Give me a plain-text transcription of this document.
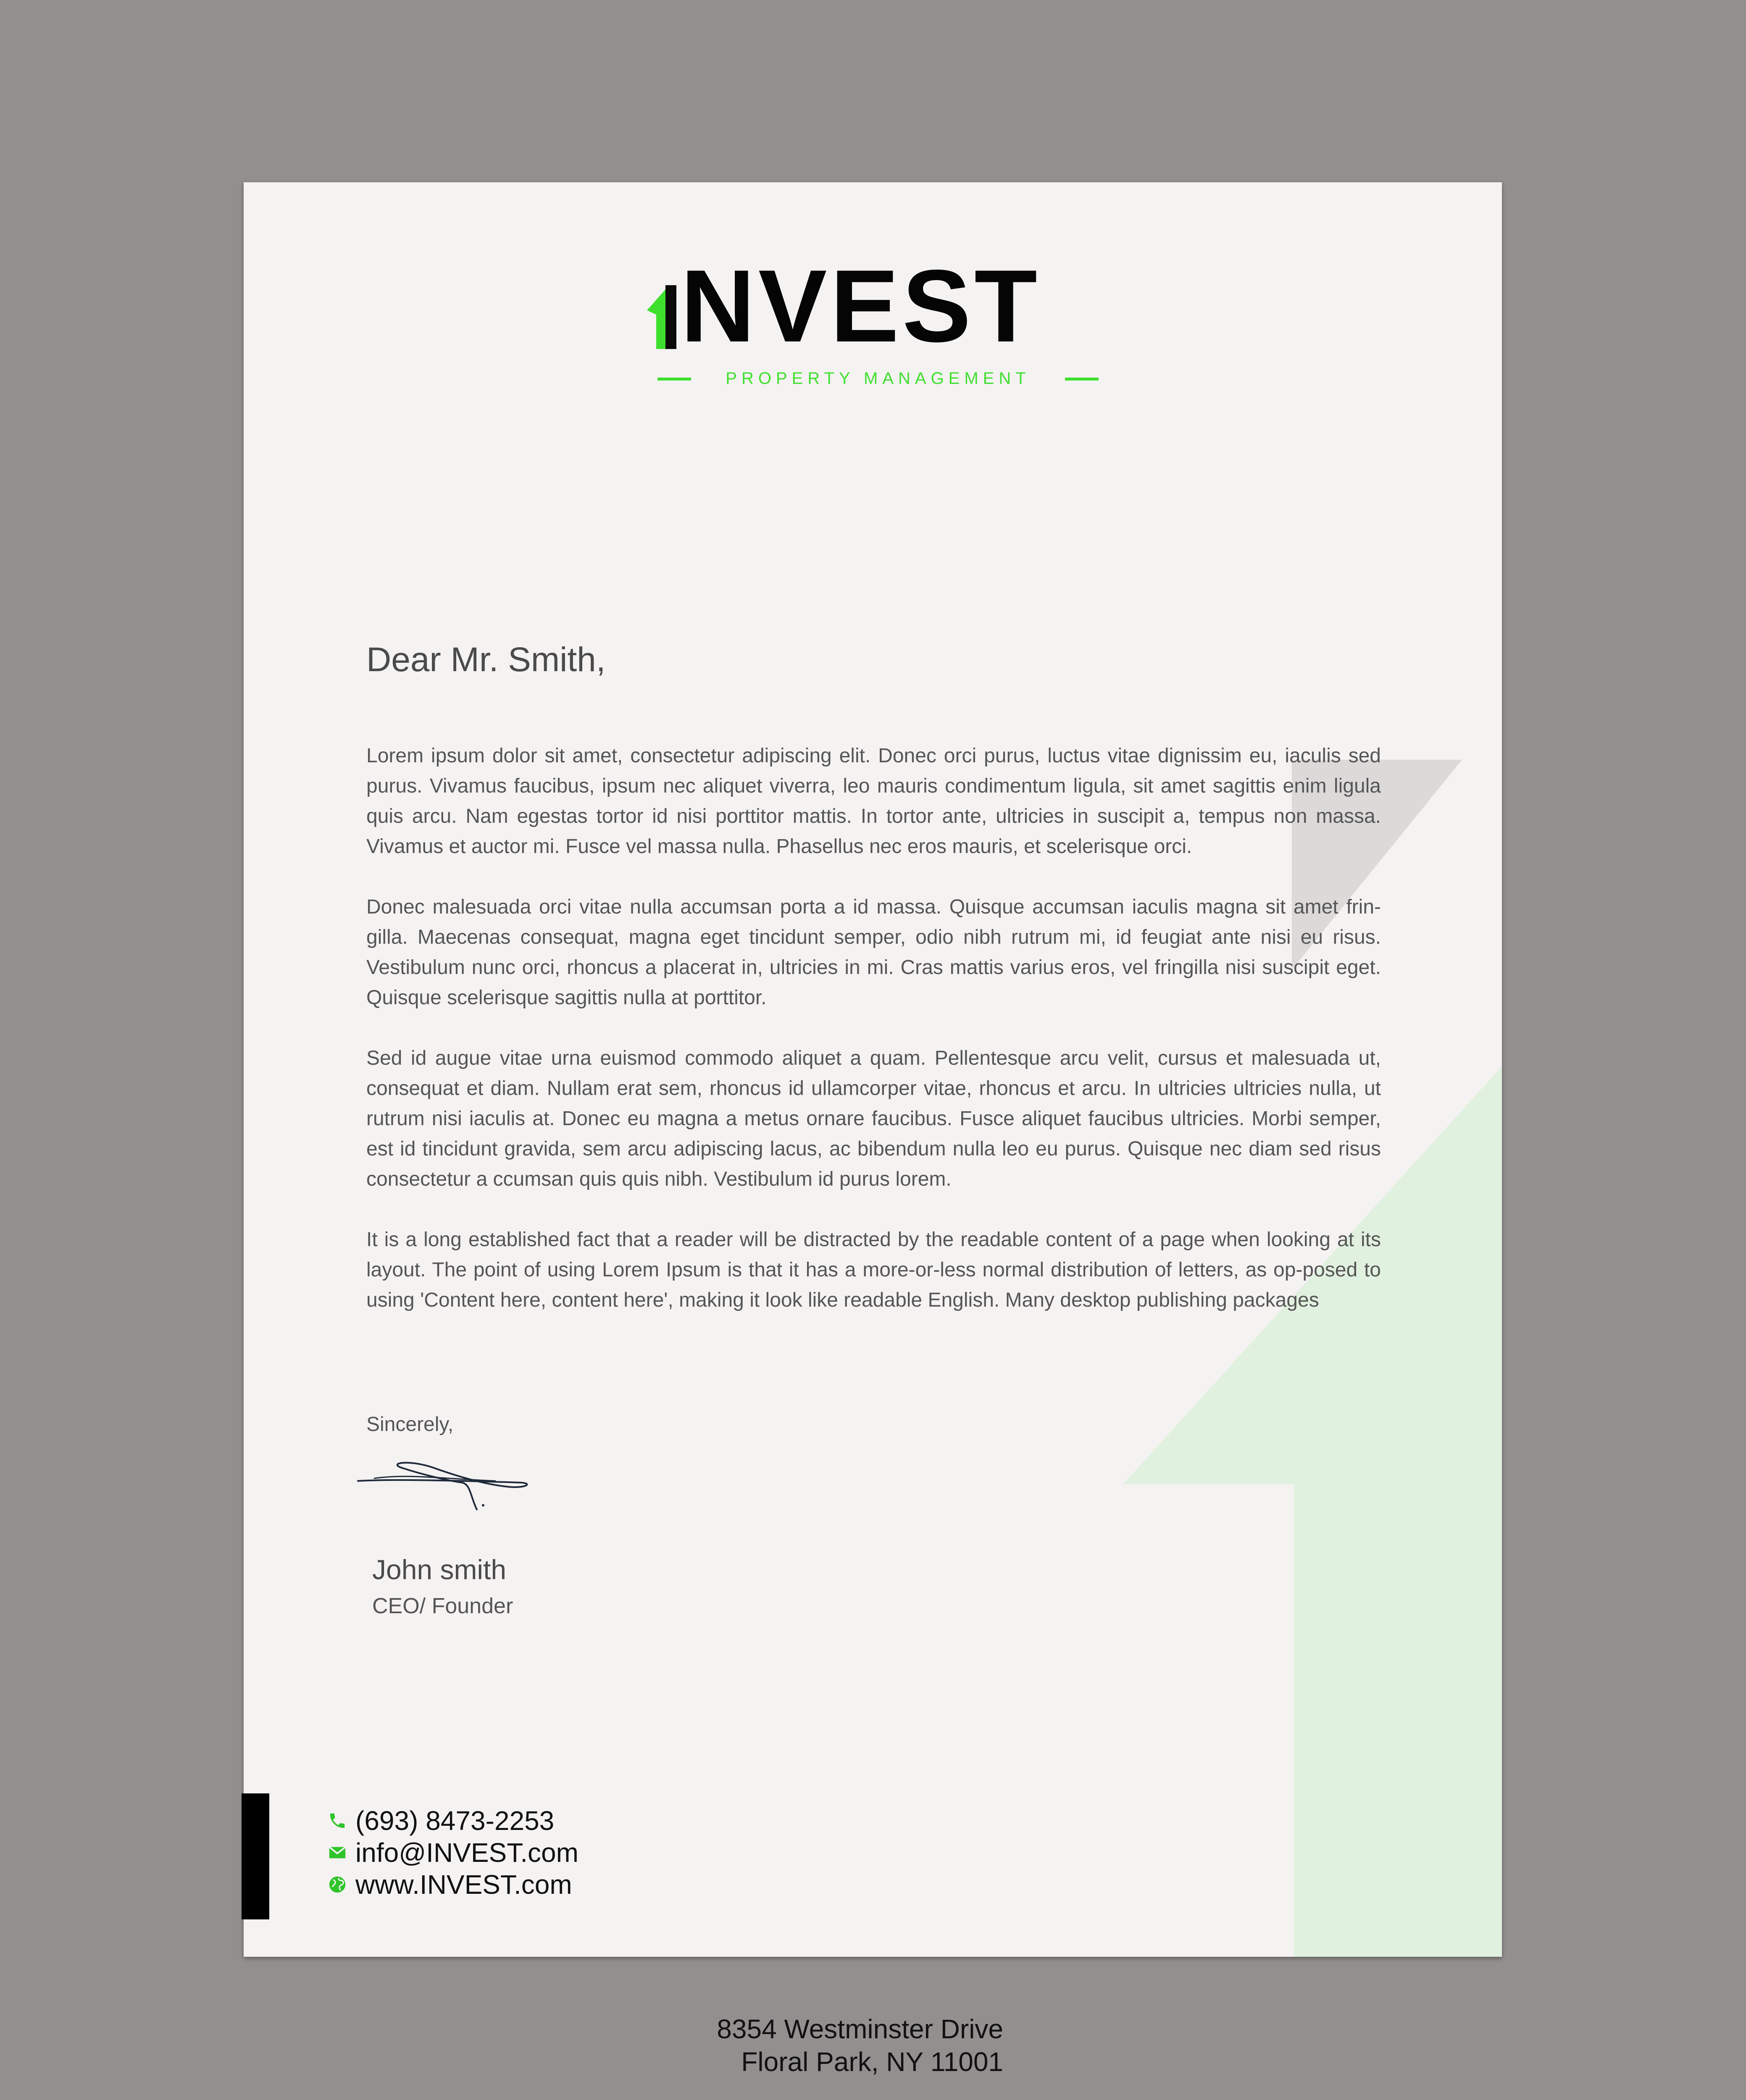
NVEST
PROPERTY MANAGEMENT
Dear Mr. Smith,

Lorem ipsum dolor sit amet, consectetur adipiscing elit. Donec orci purus, luctus vitae dignissim eu, iaculis sed purus. Vivamus faucibus, ipsum nec aliquet viverra, leo mauris condimentum ligula, sit amet sagittis enim ligula quis arcu. Nam egestas tortor id nisi porttitor mattis. In tortor ante, ultricies in suscipit a, tempus non massa. Vivamus et auctor mi. Fusce vel massa nulla. Phasellus nec eros mauris, et scelerisque orci.

Donec malesuada orci vitae nulla accumsan porta a id massa. Quisque accumsan iaculis magna sit amet frin-gilla. Maecenas consequat, magna eget tincidunt semper, odio nibh rutrum mi, id feugiat ante nisi eu risus. Vestibulum nunc orci, rhoncus a placerat in, ultricies in mi. Cras mattis varius eros, vel fringilla nisi suscipit eget. Quisque scelerisque sagittis nulla at porttitor.

Sed id augue vitae urna euismod commodo aliquet a quam. Pellentesque arcu velit, cursus et malesuada ut, consequat et diam. Nullam erat sem, rhoncus id ullamcorper vitae, rhoncus et arcu. In ultricies ultricies nulla, ut rutrum nisi iaculis at. Donec eu magna a metus ornare faucibus. Fusce aliquet faucibus ultricies. Morbi semper, est id tincidunt gravida, sem arcu adipiscing lacus, ac bibendum nulla leo eu purus. Quisque nec diam sed risus consectetur a ccumsan quis quis nibh. Vestibulum id purus lorem.

It is a long established fact that a reader will be distracted by the readable content of a page when looking at its layout. The point of using Lorem Ipsum is that it has a more-or-less normal distribution of letters, as op-posed to using 'Content here, content here', making it look like readable English. Many desktop publishing packages

Sincerely,
John smith
CEO/ Founder
8354 Westminster Drive
Floral Park, NY 11001
(693) 8473-2253
info@INVEST.com
www.INVEST.com
